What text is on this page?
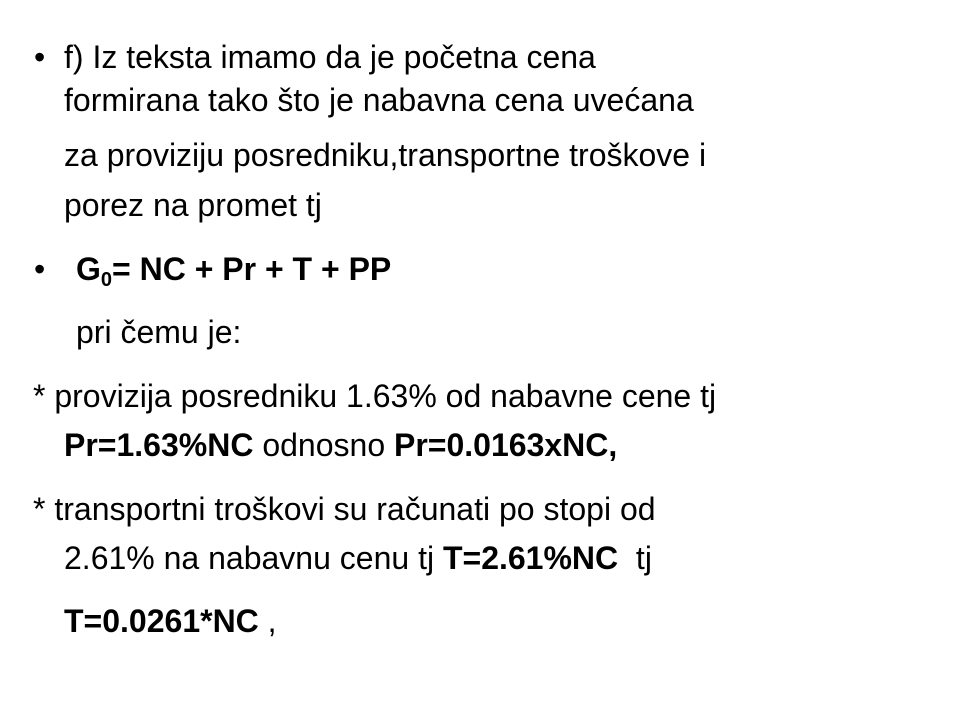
• f) Iz teksta imamo da je početna cena
formirana tako što je nabavna cena uvećana
za proviziju posredniku,transportne troškove i
porez na promet tj
• $G_0=$ NC + Pr + T + PP
pri čemu je:
* provizija posredniku 1.63% od nabavne cene tj
Pr=1.63%NC odnosno Pr=0.0163xNC,
* transportni troškovi su računati po stopi od
2.61% na nabavnu cenu tj T=2.61%NC  tj
T=0.0261*NC ,
